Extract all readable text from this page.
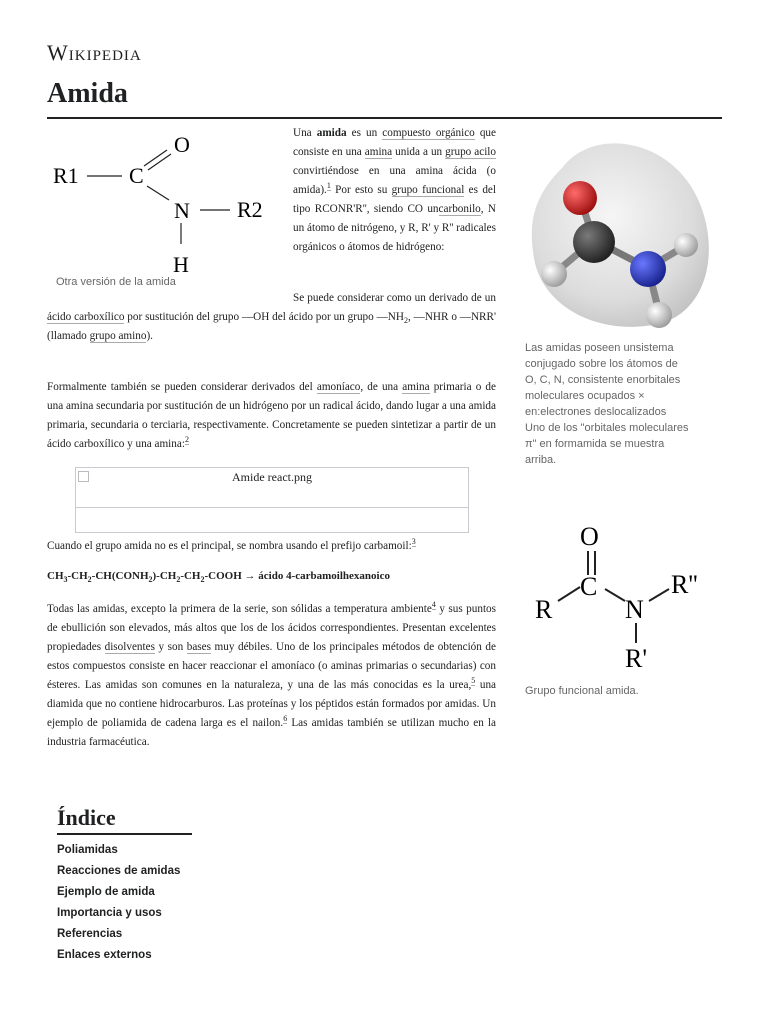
Wikipedia
Amida
R1 C
O
N R2
H
Otra versión de la amida
Las amidas poseen unsistema
conjugado sobre los átomos de
O, C, N, consistente enorbitales
moleculares ocupados ×
en:electrones deslocalizados
Uno de los "orbitales moleculares
π" en formamida se muestra
arriba.
O
C
R	N
R''
R'
Grupo funcional amida.

Una amida es un compuesto orgánico que consiste en una amina unida a un grupo acilo convirtiéndose en una amina ácida (o amida).$^1$ Por esto su grupo funcional es del tipo RCONR'R'', siendo CO uncarbonilo, N un átomo de nitrógeno, y R, R' y R'' radicales orgánicos o átomos de hidrógeno:

Se puede considerar como un derivado de un ácido carboxílico por sustitución del grupo —OH del ácido por un grupo $—NH_2$, —NHR o —NRR' (llamado grupo amino).

Formalmente también se pueden considerar derivados del amoníaco, de una amina primaria o de una amina secundaria por sustitución de un hidrógeno por un radical ácido, dando lugar a una amida primaria, secundaria o terciaria, respectivamente. Concretamente se pueden sintetizar a partir de un ácido carboxílico y una amina:$^2$

Amide react.png

Cuando el grupo amida no es el principal, se nombra usando el prefijo carbamoil:$^3$

$CH_3-CH_2-CH(CONH_2)-CH_2-CH_2$-COOH → ácido 4-carbamoilhexanoico

Todas las amidas, excepto la primera de la serie, son sólidas a temperatura ambiente$^4$ y sus puntos de ebullición son elevados, más altos que los de los ácidos correspondientes. Presentan excelentes propiedades disolventes y son bases muy débiles. Uno de los principales métodos de obtención de estos compuestos consiste en hacer reaccionar el amoníaco (o aminas primarias o secundarias) con ésteres. Las amidas son comunes en la naturaleza, y una de las más conocidas es la urea,$^5$ una diamida que no contiene hidrocarburos. Las proteínas y los péptidos están formados por amidas. Un ejemplo de poliamida de cadena larga es el nailon.$^6$ Las amidas también se utilizan mucho en la industria farmacéutica.

Índice
Poliamidas
Reacciones de amidas
Ejemplo de amida
Importancia y usos
Referencias
Enlaces externos
